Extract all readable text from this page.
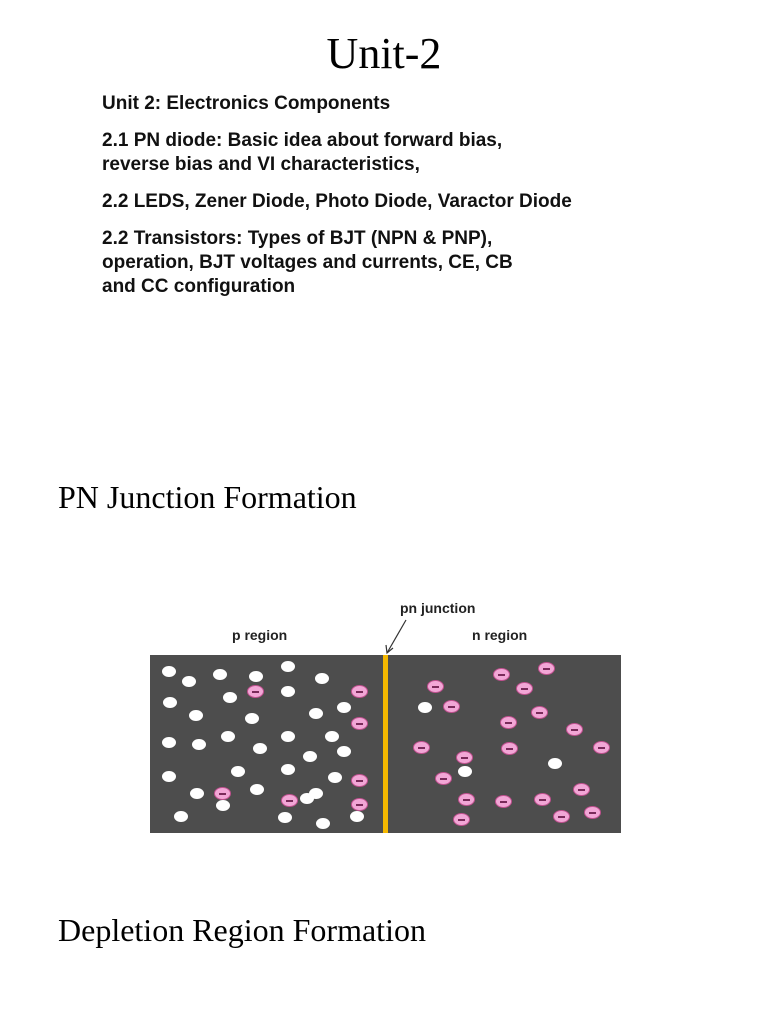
Unit-2

Unit 2: Electronics Components

2.1 PN diode: Basic idea about forward bias,
reverse bias and VI characteristics,

2.2 LEDS, Zener Diode, Photo Diode, Varactor Diode

2.2 Transistors: Types of BJT (NPN & PNP),
operation, BJT voltages and currents, CE, CB
and CC configuration

PN Junction Formation
pn junction
p region	n region
Depletion Region Formation
